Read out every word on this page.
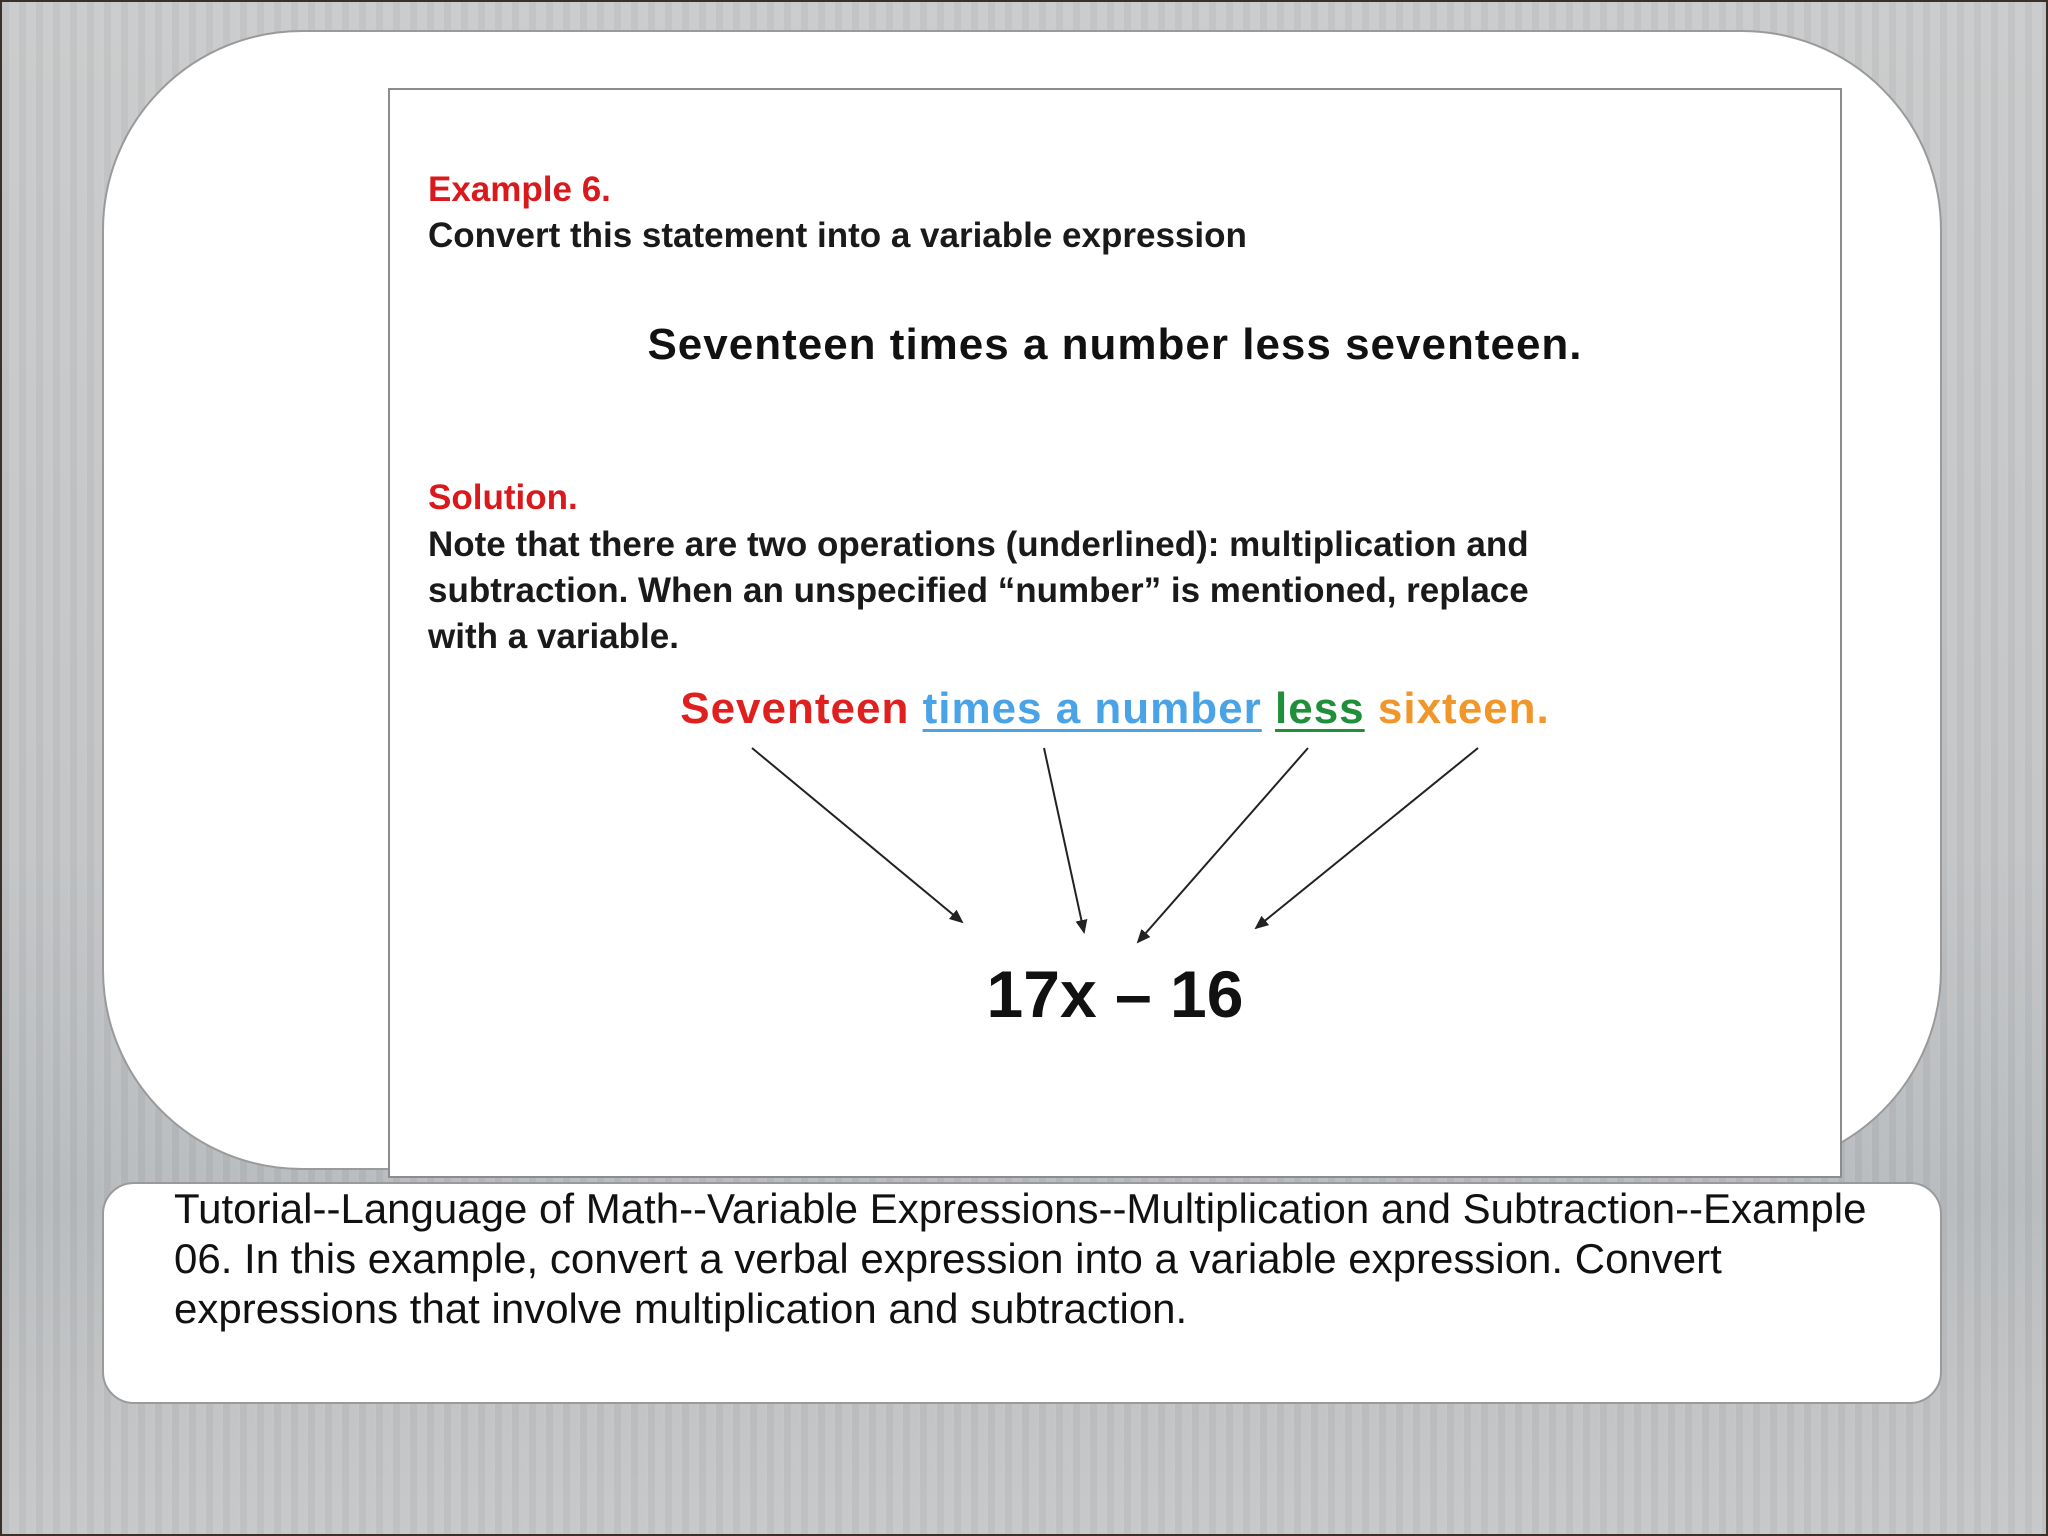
Example 6.
Convert this statement into a variable expression
Seventeen times a number less seventeen.
Solution.
Note that there are two operations (underlined): multiplication and subtraction. When an unspecified “number” is mentioned, replace with a variable.
Seventeen times a number less sixteen.
17x – 16
Tutorial--Language of Math--Variable Expressions--Multiplication and Subtraction--Example 06. In this example, convert a verbal expression into a variable expression. Convert expressions that involve multiplication and subtraction.
